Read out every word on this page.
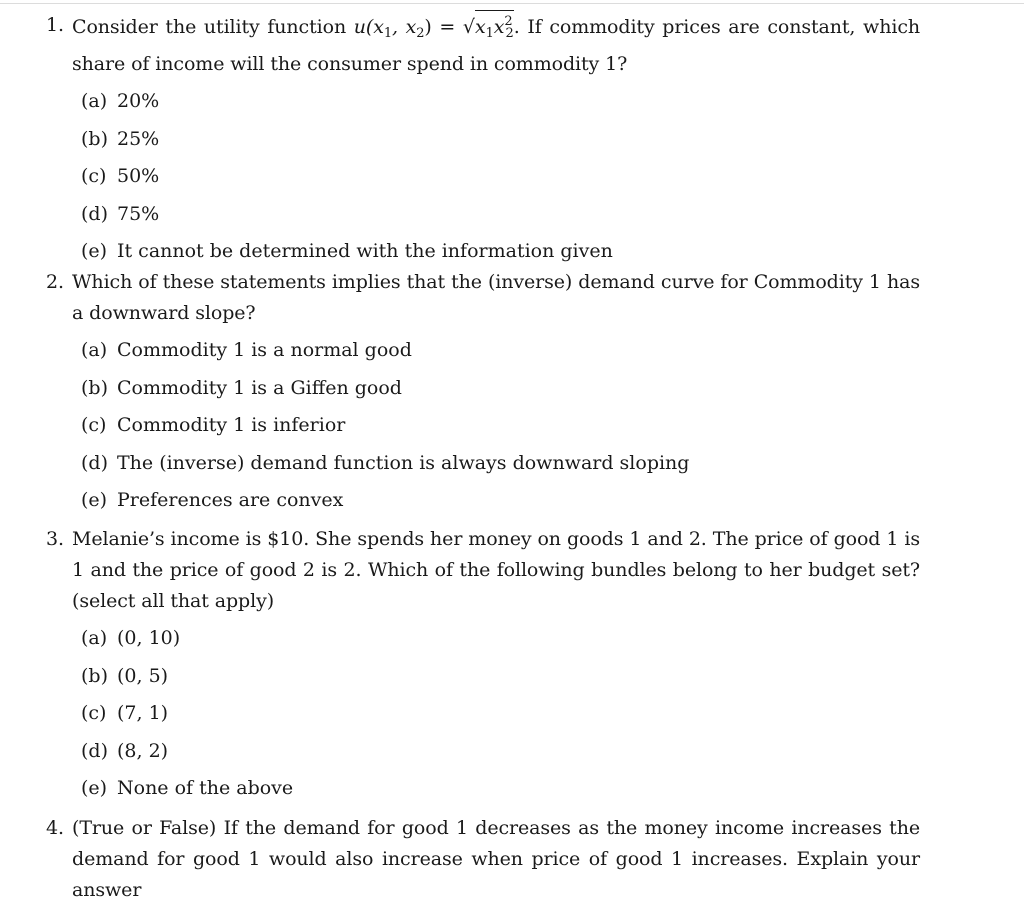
1. Consider the utility function $u(x_1$, $x_2) = √x_1x^2_2$. If commodity prices are constant, which share of income will the consumer spend in commodity 1?
(a) 20%
(b) 25%
(c) 50%
(d) 75%
(e) It cannot be determined with the information given
2. Which of these statements implies that the (inverse) demand curve for Commodity 1 has a downward slope?
(a) Commodity 1 is a normal good
(b) Commodity 1 is a Giffen good
(c) Commodity 1 is inferior
(d) The (inverse) demand function is always downward sloping
(e) Preferences are convex
3. Melanie’s income is $10. She spends her money on goods 1 and 2. The price of good 1 is 1 and the price of good 2 is 2. Which of the following bundles belong to her budget set? (select all that apply)
(a) (0, 10)
(b) (0, 5)
(c) (7, 1)
(d) (8, 2)
(e) None of the above
4. (True or False) If the demand for good 1 decreases as the money income increases the demand for good 1 would also increase when price of good 1 increases. Explain your answer
